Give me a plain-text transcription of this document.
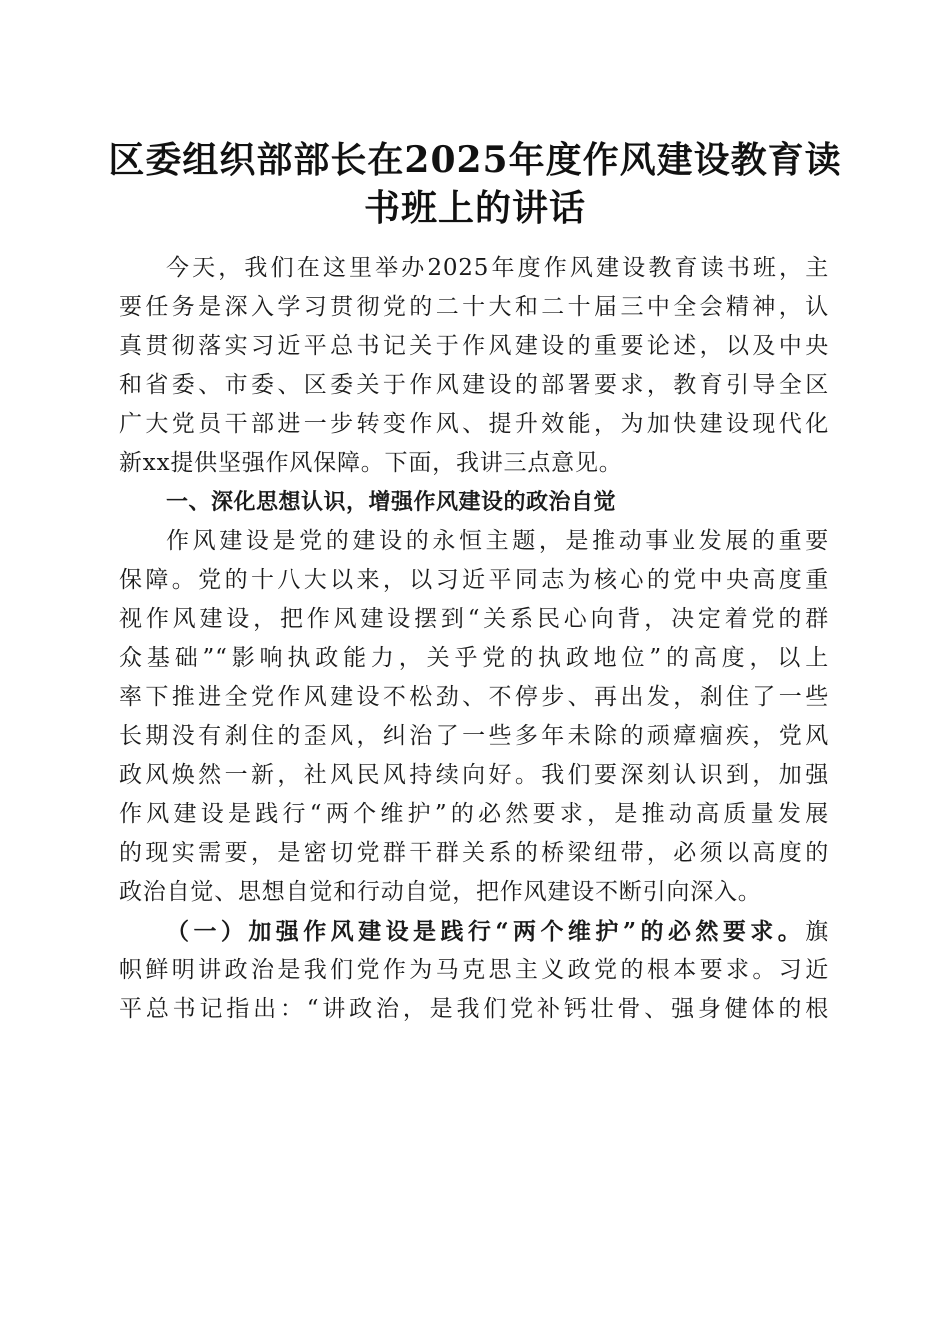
区委组织部部长在2025年度作风建设教育读
书班上的讲话
今天，我们在这里举办2025年度作风建设教育读书班，主
要任务是深入学习贯彻党的二十大和二十届三中全会精神，认
真贯彻落实习近平总书记关于作风建设的重要论述，以及中央
和省委、市委、区委关于作风建设的部署要求，教育引导全区
广大党员干部进一步转变作风、提升效能，为加快建设现代化
新xx提供坚强作风保障。下面，我讲三点意见。
一、深化思想认识，增强作风建设的政治自觉
作风建设是党的建设的永恒主题，是推动事业发展的重要
保障。党的十八大以来，以习近平同志为核心的党中央高度重
视作风建设，把作风建设摆到“关系民心向背，决定着党的群
众基础”“影响执政能力，关乎党的执政地位”的高度，以上
率下推进全党作风建设不松劲、不停步、再出发，刹住了一些
长期没有刹住的歪风，纠治了一些多年未除的顽瘴痼疾，党风
政风焕然一新，社风民风持续向好。我们要深刻认识到，加强
作风建设是践行“两个维护”的必然要求，是推动高质量发展
的现实需要，是密切党群干群关系的桥梁纽带，必须以高度的
政治自觉、思想自觉和行动自觉，把作风建设不断引向深入。
（一）加强作风建设是践行“两个维护”的必然要求。旗
帜鲜明讲政治是我们党作为马克思主义政党的根本要求。习近
平总书记指出：“讲政治，是我们党补钙壮骨、强身健体的根
